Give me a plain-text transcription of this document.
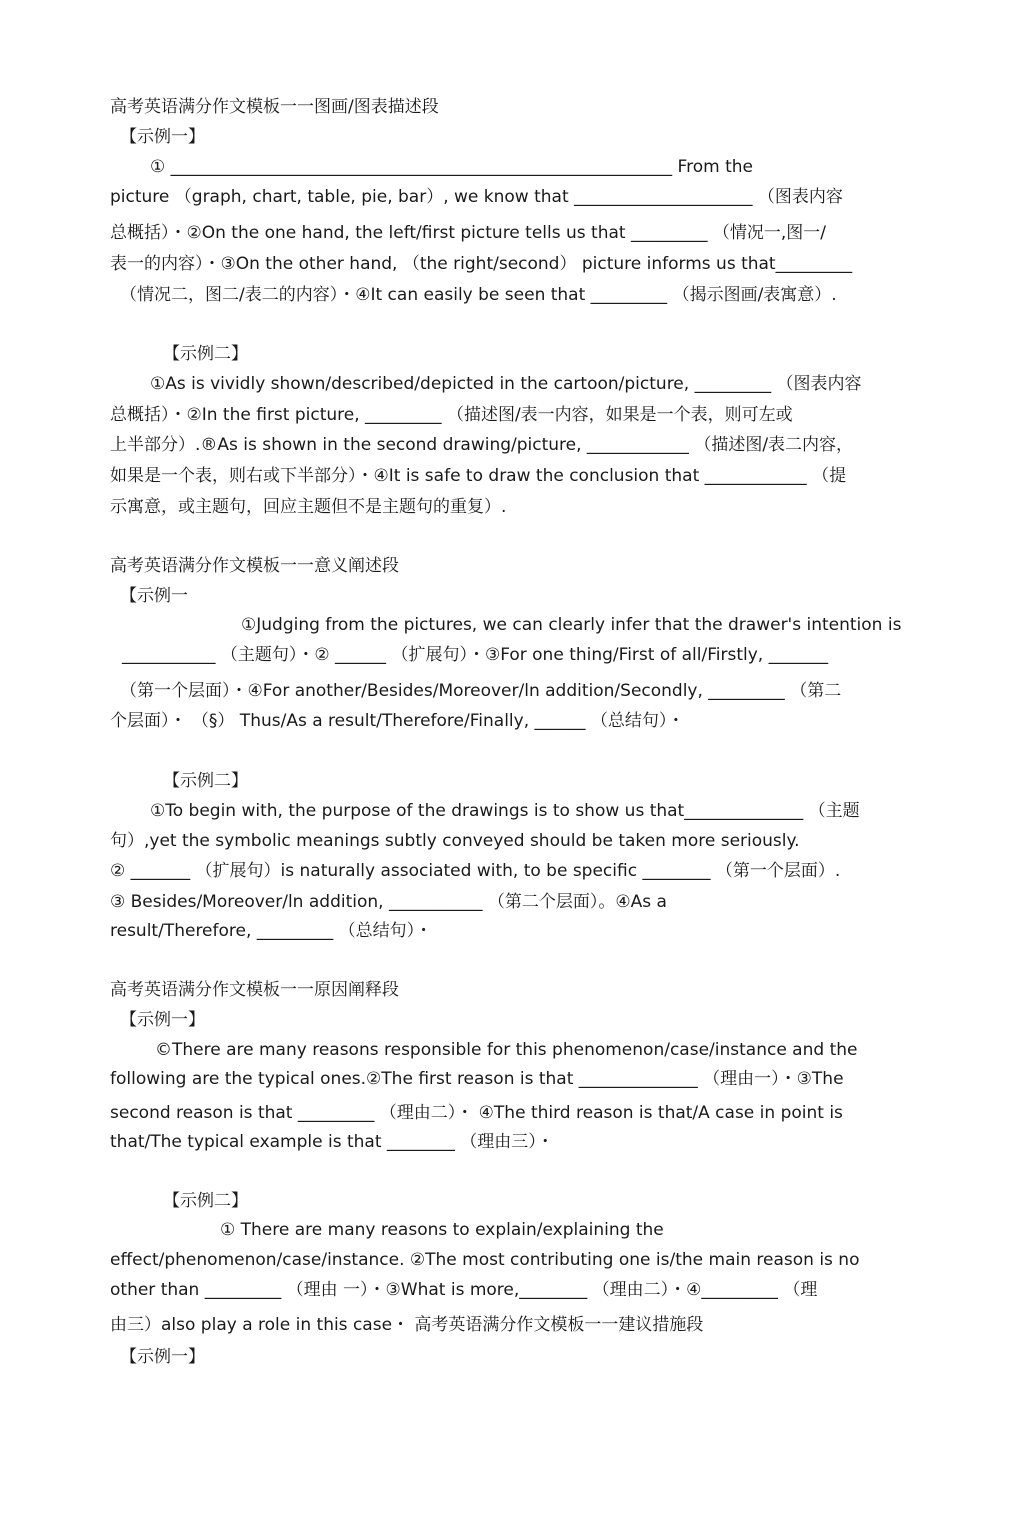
高考英语满分作文模板一一图画/图表描述段
【示例一】
① ___________________________________________________________ From the
picture （graph, chart, table, pie, bar）, we know that _____________________ （图表内容
总概括）・②On the one hand, the left/first picture tells us that _________ （情况一,图一/
表一的内容）・③On the other hand, （the right/second） picture informs us that_________
（情况二，图二/表二的内容）・④It can easily be seen that _________ （揭示图画/表寓意）.
【示例二】
①As is vividly shown/described/depicted in the cartoon/picture, _________ （图表内容
总概括）・②In the first picture, _________ （描述图/表一内容，如果是一个表，则可左或
上半部分）.®As is shown in the second drawing/picture, ____________ （描述图/表二内容，
如果是一个表，则右或下半部分）・④It is safe to draw the conclusion that ____________ （提
示寓意，或主题句，回应主题但不是主题句的重复）.
高考英语满分作文模板一一意义阐述段
【示例一
①Judging from the pictures, we can clearly infer that the drawer's intention is
___________ （主题句）・② ______ （扩展句）・③For one thing/First of all/Firstly, _______
（第一个层面）・④For another/Besides/Moreover/ln addition/Secondly, _________ （第二
个层面）・ （§） Thus/As a result/Therefore/Finally, ______ （总结句）・
【示例二】
①To begin with, the purpose of the drawings is to show us that______________ （主题
句）,yet the symbolic meanings subtly conveyed should be taken more seriously.
② _______ （扩展句）is naturally associated with, to be specific ________ （第一个层面）.
③ Besides/Moreover/ln addition, ___________ （第二个层面）。④As a
result/Therefore, _________ （总结句）・
高考英语满分作文模板一一原因阐释段
【示例一】
©There are many reasons responsible for this phenomenon/case/instance and the
following are the typical ones.②The first reason is that ______________ （理由一）・③The
second reason is that _________ （理由二）・ ④The third reason is that/A case in point is
that/The typical example is that ________ （理由三）・
【示例二】
① There are many reasons to explain/explaining the
effect/phenomenon/case/instance. ②The most contributing one is/the main reason is no
other than _________ （理由 一）・③What is more,________ （理由二）・④_________ （理
由三）also play a role in this case・ 高考英语满分作文模板一一建议措施段
【示例一】
